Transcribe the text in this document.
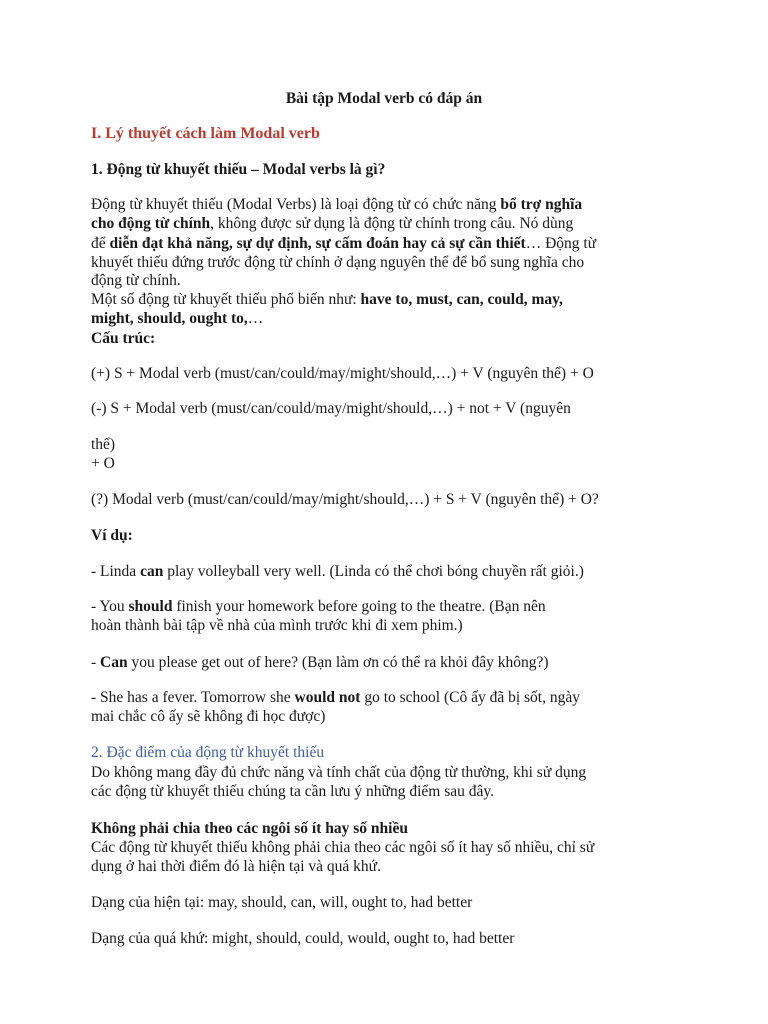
Bài tập Modal verb có đáp án
I. Lý thuyết cách làm Modal verb
1. Động từ khuyết thiếu – Modal verbs là gì?
Động từ khuyết thiếu (Modal Verbs) là loại động từ có chức năng bổ trợ nghĩa
cho động từ chính, không được sử dụng là động từ chính trong câu. Nó dùng
để diễn đạt khả năng, sự dự định, sự cấm đoán hay cả sự cần thiết… Động từ
khuyết thiếu đứng trước động từ chính ở dạng nguyên thể để bổ sung nghĩa cho
động từ chính.
Một số động từ khuyết thiếu phổ biến như: have to, must, can, could, may,
might, should, ought to,…
Cấu trúc:
(+) S + Modal verb (must/can/could/may/might/should,…) + V (nguyên thể) + O
(-) S + Modal verb (must/can/could/may/might/should,…) + not + V (nguyên
thể)
+ O
(?) Modal verb (must/can/could/may/might/should,…) + S + V (nguyên thể) + O?
Ví dụ:
- Linda can play volleyball very well. (Linda có thể chơi bóng chuyền rất giỏi.)
- You should finish your homework before going to the theatre. (Bạn nên
hoàn thành bài tập về nhà của mình trước khi đi xem phim.)
- Can you please get out of here? (Bạn làm ơn có thể ra khỏi đây không?)
- She has a fever. Tomorrow she would not go to school (Cô ấy đã bị sốt, ngày
mai chắc cô ấy sẽ không đi học được)
2. Đặc điểm của động từ khuyết thiếu
Do không mang đầy đủ chức năng và tính chất của động từ thường, khi sử dụng
các động từ khuyết thiếu chúng ta cần lưu ý những điểm sau đây.
Không phải chia theo các ngôi số ít hay số nhiều
Các động từ khuyết thiếu không phải chia theo các ngôi số ít hay số nhiều, chỉ sử
dụng ở hai thời điểm đó là hiện tại và quá khứ.
Dạng của hiện tại: may, should, can, will, ought to, had better
Dạng của quá khứ: might, should, could, would, ought to, had better
